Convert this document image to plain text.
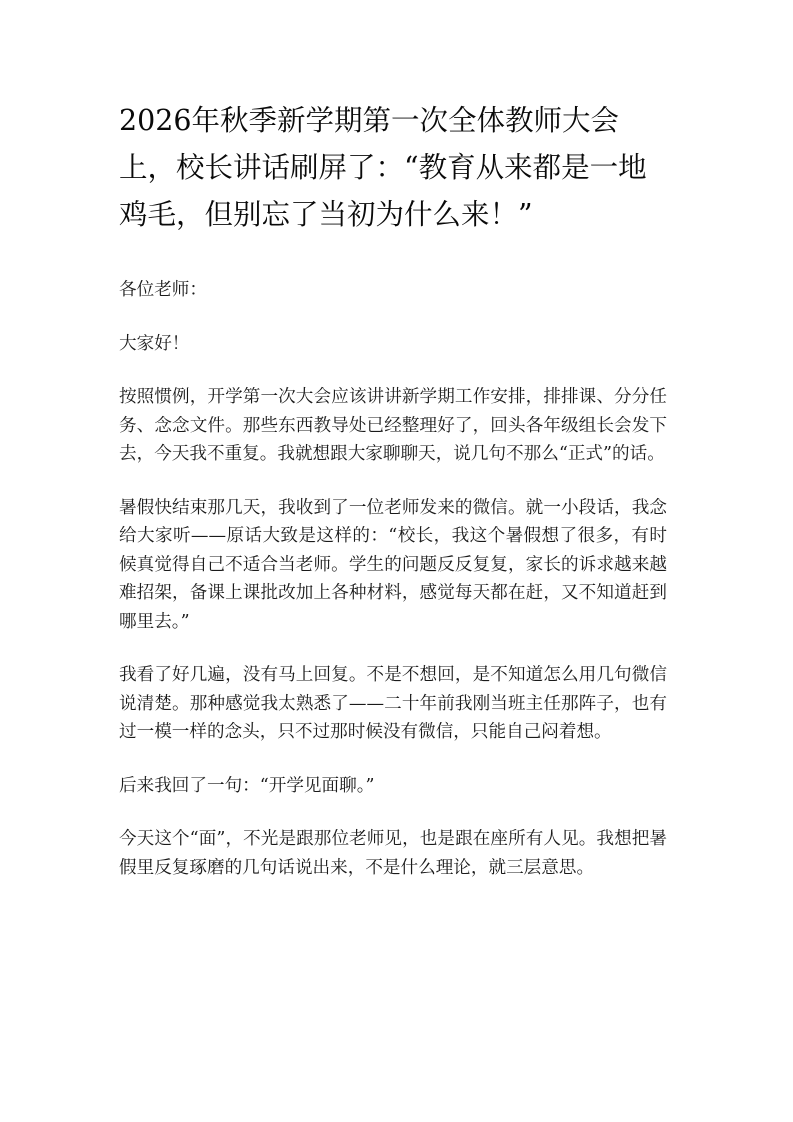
2026年秋季新学期第一次全体教师大会上，校长讲话刷屏了：“教育从来都是一地鸡毛，但别忘了当初为什么来！”

各位老师：

大家好！

按照惯例，开学第一次大会应该讲讲新学期工作安排，排排课、分分任务、念念文件。那些东西教导处已经整理好了，回头各年级组长会发下去，今天我不重复。我就想跟大家聊聊天，说几句不那么“正式”的话。

暑假快结束那几天，我收到了一位老师发来的微信。就一小段话，我念给大家听——原话大致是这样的：“校长，我这个暑假想了很多，有时候真觉得自己不适合当老师。学生的问题反反复复，家长的诉求越来越难招架，备课上课批改加上各种材料，感觉每天都在赶，又不知道赶到哪里去。”

我看了好几遍，没有马上回复。不是不想回，是不知道怎么用几句微信说清楚。那种感觉我太熟悉了——二十年前我刚当班主任那阵子，也有过一模一样的念头，只不过那时候没有微信，只能自己闷着想。

后来我回了一句：“开学见面聊。”

今天这个“面”，不光是跟那位老师见，也是跟在座所有人见。我想把暑假里反复琢磨的几句话说出来，不是什么理论，就三层意思。
